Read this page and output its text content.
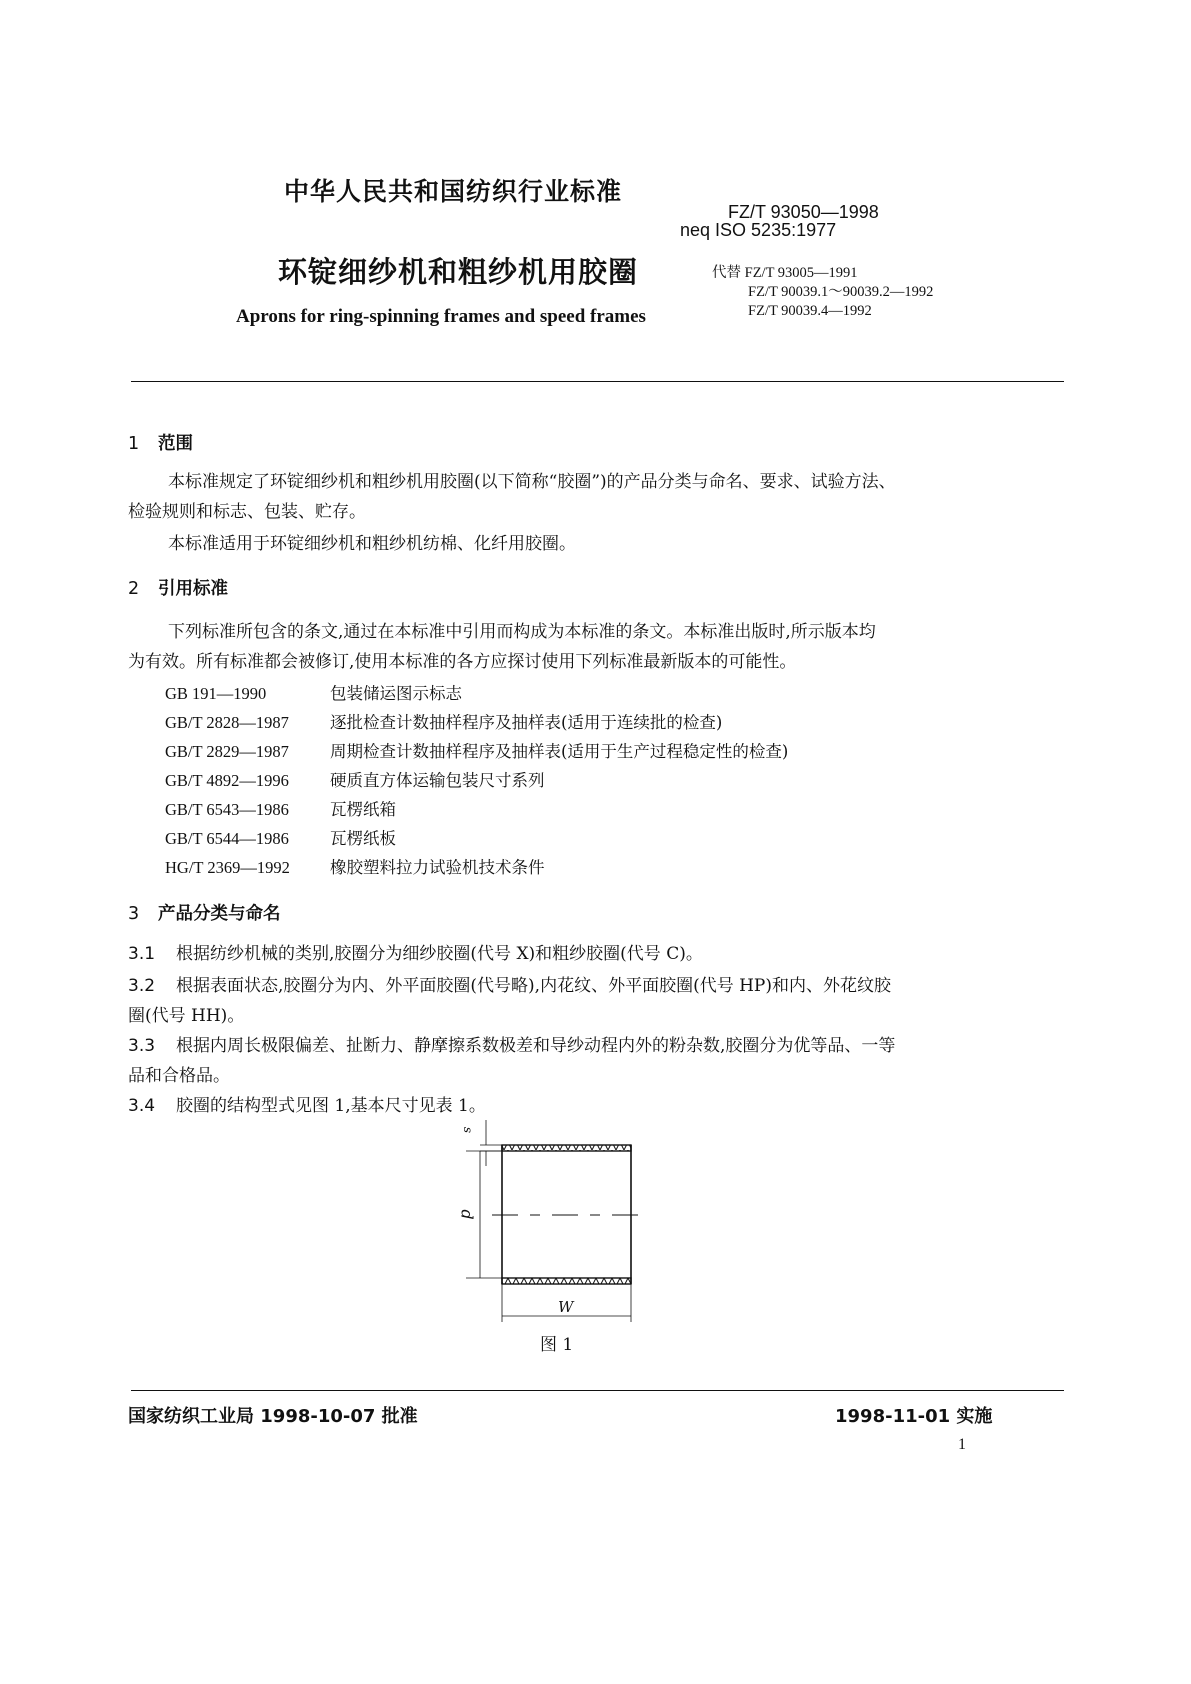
中华人民共和国纺织行业标准
FZ/T 93050—1998
neq ISO 5235:1977
环锭细纱机和粗纱机用胶圈	代替 FZ/T 93005—1991
FZ/T 90039.1～90039.2—1992
FZ/T 90039.4—1992
Aprons for ring-spinning frames and speed frames
1 范围
本标准规定了环锭细纱机和粗纱机用胶圈(以下简称“胶圈”)的产品分类与命名、要求、试验方法、
检验规则和标志、包装、贮存。
本标准适用于环锭细纱机和粗纱机纺棉、化纤用胶圈。
2 引用标准
下列标准所包含的条文,通过在本标准中引用而构成为本标准的条文。本标准出版时,所示版本均
为有效。所有标准都会被修订,使用本标准的各方应探讨使用下列标准最新版本的可能性。
GB 191—1990	包装储运图示标志
GB/T 2828—1987 逐批检查计数抽样程序及抽样表(适用于连续批的检查)
GB/T 2829—1987 周期检查计数抽样程序及抽样表(适用于生产过程稳定性的检查)
GB/T 4892—1996 硬质直方体运输包装尺寸系列
GB/T 6543—1986 瓦楞纸箱
GB/T 6544—1986 瓦楞纸板
HG/T 2369—1992 橡胶塑料拉力试验机技术条件
3 产品分类与命名
3.1 根据纺纱机械的类别,胶圈分为细纱胶圈(代号 X)和粗纱胶圈(代号 C)。
3.2 根据表面状态,胶圈分为内、外平面胶圈(代号略),内花纹、外平面胶圈(代号 HP)和内、外花纹胶
圈(代号 HH)。
3.3 根据内周长极限偏差、扯断力、静摩擦系数极差和导纱动程内外的粉杂数,胶圈分为优等品、一等
品和合格品。
3.4 胶圈的结构型式见图 1,基本尺寸见表 1。
s
d
W
图 1
国家纺织工业局 1998-10-07 批准	1998-11-01 实施
1
